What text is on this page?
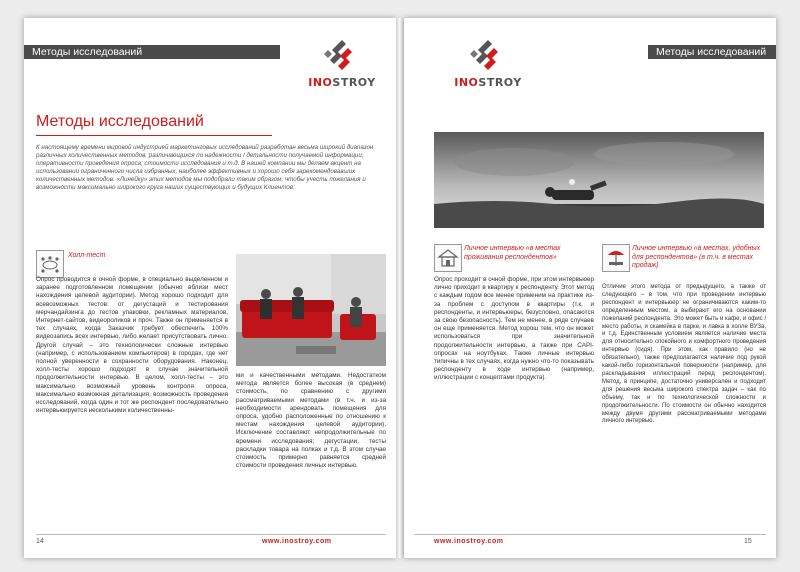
Методы исследований
INOSTROY
Методы исследований

К настоящему времени мировой индустрией маркетинговых исследований разработан весьма широкий диапазон различных количественных методов, различающихся по надежности / детальности получаемой информации; оперативности проведения опроса; стоимости исследования и т.д. В нашей компании мы делаем акцент на использовании ограниченного числа избранных, наиболее эффективных и хорошо себя зарекомендовавших количественных методов. «Линейку» этих методов мы подобрали таким образом, чтобы учесть пожелания и возможности максимально широкого круга наших существующих и будущих Клиентов:

Холл-тест

Опрос проводится в очной форме, в специально выделенном и заранее подготовленном помещении (обычно вблизи мест нахождения целевой аудитории). Метод хорошо подходит для всевозможных тестов: от дегустаций и тестирования мерчандайзинга до тестов упаковки, рекламных материалов, Интернет-сайтов, видеороликов и проч. Также он применяется в тех случаях, когда Заказчик требует обеспечить 100% видеозапись всех интервью, либо желает присутствовать лично. Другой случай – это технологически сложные интервью (например, с использованием компьютеров) в городах, где нет полной уверенности в сохранности оборудования. Наконец, холл-тесты хорошо подходят в случае значительной продолжительности интервью. В целом, холл-тесты – это максимально возможный уровень контроля опроса, максимально возможная детализация, возможность проведения исследований, когда один и тот же респондент последовательно интервьюируется несколькими количественны-

ми и качественными методами. Недостатком метода является более высокая (в среднем) стоимость, по сравнению с другими рассматриваемыми методами (в т.ч. и из-за необходимости арендовать помещения для опроса, удобно расположенные по отношению к местам нахождения целевой аудитории). Исключение составляют непродолжительные по времени исследования; дегустации, тесты раскладки товара на полках и т.д. В этом случае стоимость примерно равняется средней стоимости проведения личных интервью.

14	www.inostroy.com
Методы исследований
INOSTROY
Личное интервью «в местах проживания респондентов»

Опрос проходит в очной форме, при этом интервьюер лично приходит в квартиру к респонденту. Этот метод с каждым годом все менее применим на практике из-за проблем с доступом в квартиры (т.к. и респонденты, и интервьюеры, безусловно, опасаются за свою безопасность). Тем не менее, в ряде случаев он еще применяется. Метод хорош тем, что он может использоваться при значительной продолжительности интервью, а также при CAPI-опросах на ноутбуках. Также личные интервью типичны в тех случаях, когда нужно что-то показывать респонденту в ходе интервью (например, иллюстрации с концептами продукта).

Личное интервью «в местах, удобных для респондентов» (в т.ч. в местах продаж)

Отличие этого метода от предыдущего, а также от следующего – в том, что при проведении интервью респондент и интервьюер не ограничиваются каким-то определенным местом, а выбирают его на основании пожеланий респондента. Это может быть и кафе, и офис / место работы, и скамейка в парке, и лавка в холле ВУЗа, и т.д. Единственным условием является наличие места для относительно спокойного и комфортного проведения интервью (сидя). При этом, как правило (но не обязательно), также предполагается наличие под рукой какой-либо горизонтальной поверхности (например, для раскладывания иллюстраций перед респондентом). Метод, в принципе, достаточно универсален и подходит для решения весьма широкого спектра задач – как по объему, так и по технологической сложности и продолжительности. По стоимости он обычно находится между двумя другими рассматриваемыми методами личного интервью.

www.inostroy.com	15
